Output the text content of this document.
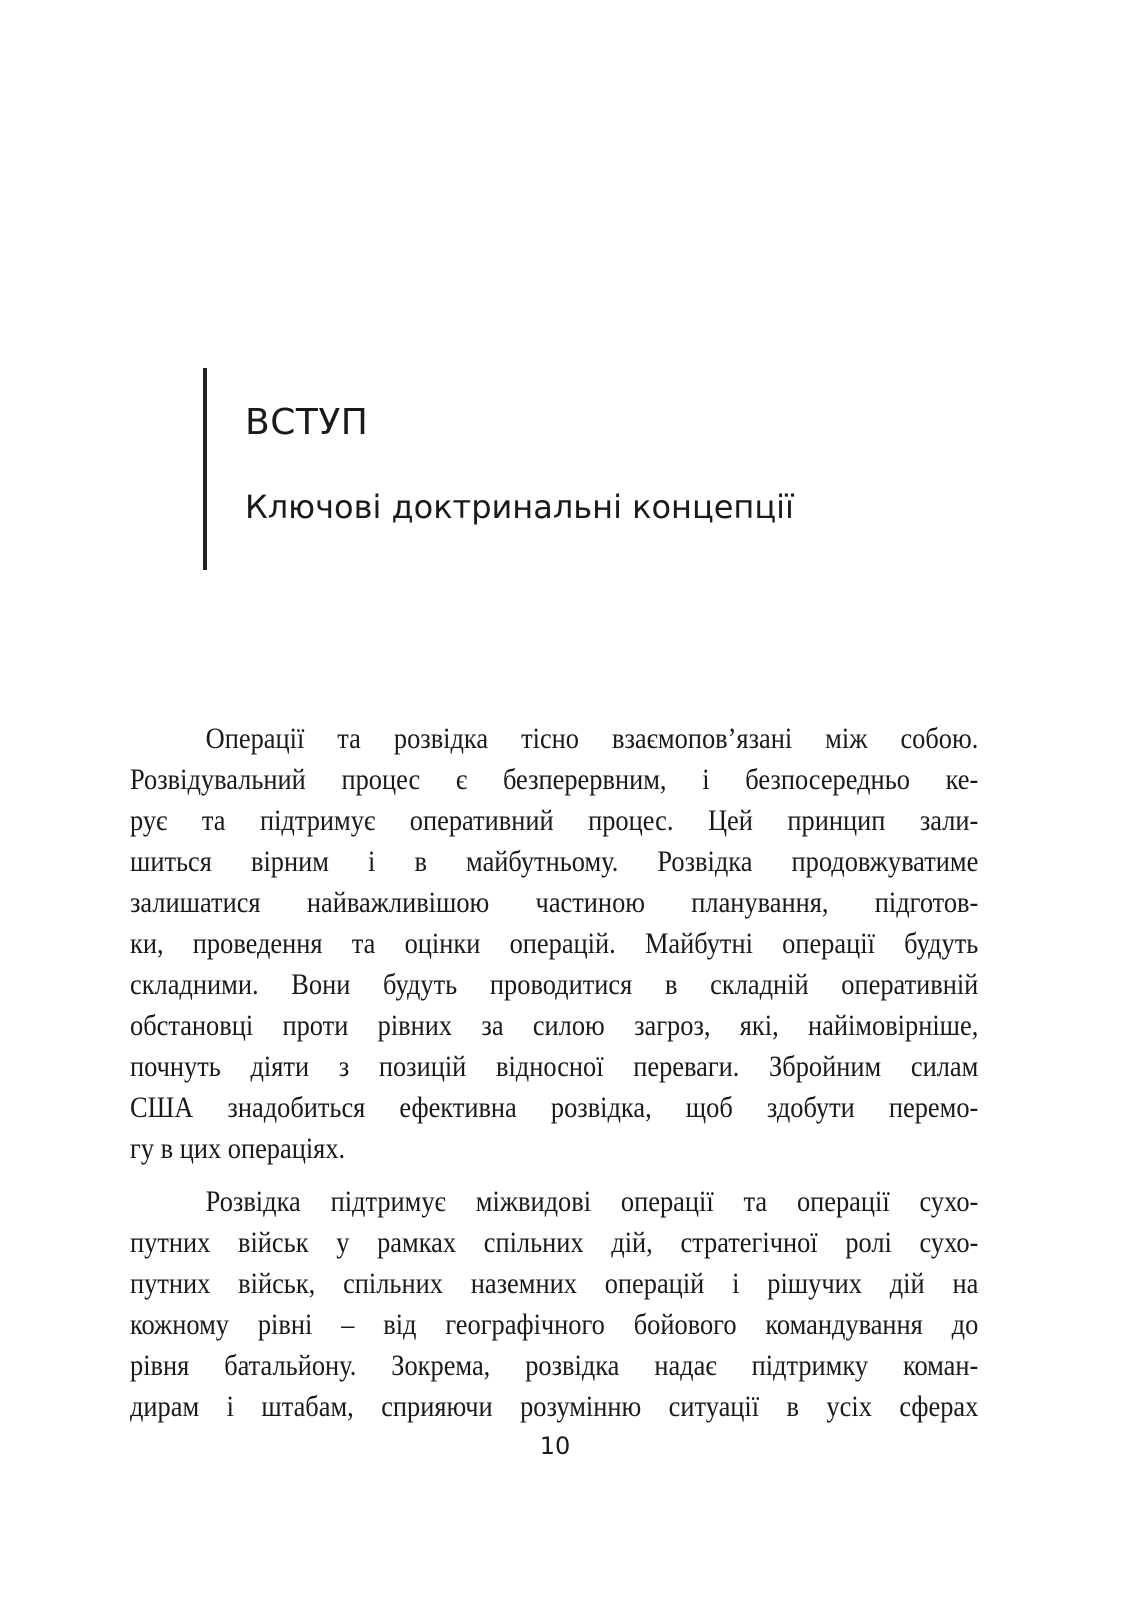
ВСТУП
Ключові доктринальні концепції
Операції та розвідка тісно взаємопов’язані між собою.
Розвідувальний процес є безперервним, і безпосередньо ке-
рує та підтримує оперативний процес. Цей принцип зали-
шиться вірним і в майбутньому. Розвідка продовжуватиме
залишатися найважливішою частиною планування, підготов-
ки, проведення та оцінки операцій. Майбутні операції будуть
складними. Вони будуть проводитися в складній оперативній
обстановці проти рівних за силою загроз, які, найімовірніше,
почнуть діяти з позицій відносної переваги. Збройним силам
США знадобиться ефективна розвідка, щоб здобути перемо-
гу в цих операціях.
Розвідка підтримує міжвидові операції та операції сухо-
путних військ у рамках спільних дій, стратегічної ролі сухо-
путних військ, спільних наземних операцій і рішучих дій на
кожному рівні – від географічного бойового командування до
рівня батальйону. Зокрема, розвідка надає підтримку коман-
дирам і штабам, сприяючи розумінню ситуації в усіх сферах
10
